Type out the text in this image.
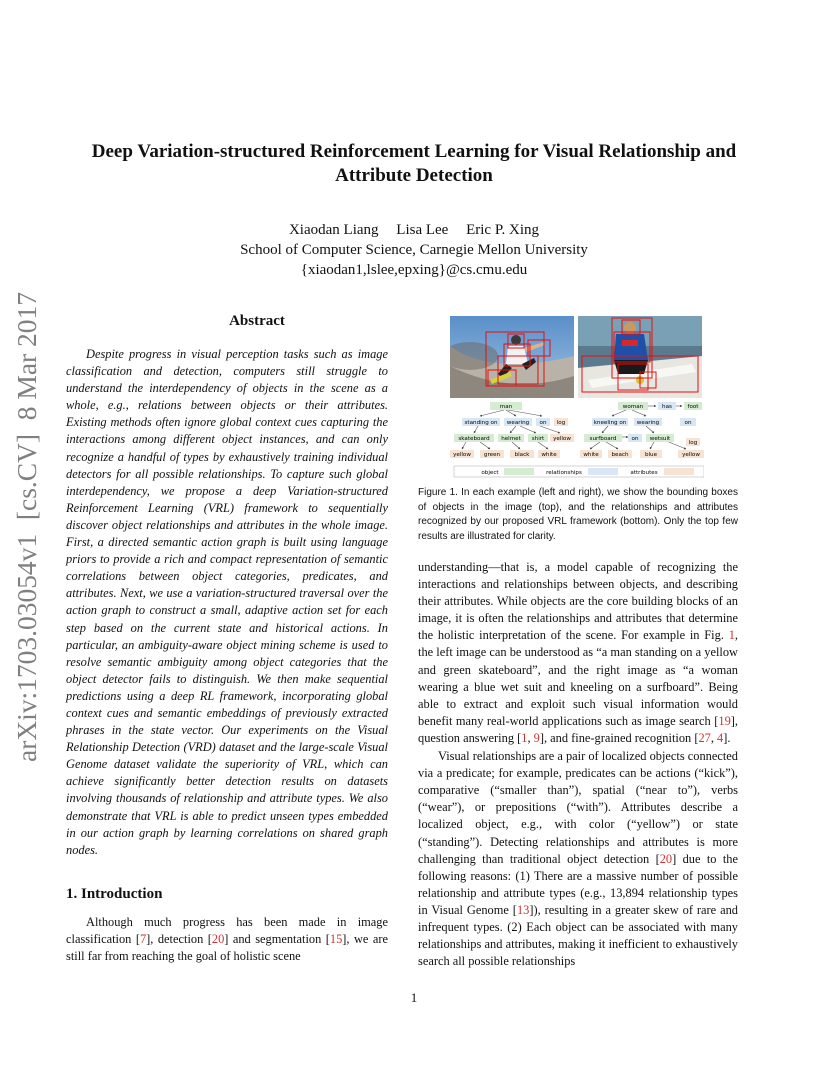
Deep Variation-structured Reinforcement Learning for Visual Relationship and
Attribute Detection
Xiaodan Liang Lisa Lee Eric P. Xing
School of Computer Science, Carnegie Mellon University
{xiaodan1,lslee,epxing}@cs.cmu.edu
arXiv:1703.03054v1  [cs.CV]  8 Mar 2017	Abstract

Despite progress in visual perception tasks such as image classification and detection, computers still struggle to understand the interdependency of objects in the scene as a whole, e.g., relations between objects or their attributes. Existing methods often ignore global context cues capturing the interactions among different object instances, and can only recognize a handful of types by exhaustively training individual detectors for all possible relationships. To capture such global interdependency, we propose a deep Variation-structured Reinforcement Learning (VRL) framework to sequentially discover object relationships and attributes in the whole image. First, a directed semantic action graph is built using language priors to provide a rich and compact representation of semantic correlations between object categories, predicates, and attributes. Next, we use a variation-structured traversal over the action graph to construct a small, adaptive action set for each step based on the current state and historical actions. In particular, an ambiguity-aware object mining scheme is used to resolve semantic ambiguity among object categories that the object detector fails to distinguish. We then make sequential predictions using a deep RL framework, incorporating global context cues and semantic embeddings of previously extracted phrases in the state vector. Our experiments on the Visual Relationship Detection (VRD) dataset and the large-scale Visual Genome dataset validate the superiority of VRL, which can achieve significantly better detection results on datasets involving thousands of relationship and attribute types. We also demonstrate that VRL is able to predict unseen types embedded in our action graph by learning correlations on shared graph nodes.

1. Introduction

Although much progress has been made in image classification [7], detection [20] and segmentation [15], we are still far from reaching the goal of holistic scene

man
standing on wearing on log
skateboard helmet shirt yellow
yellow green	black white
woman	has	foot
kneeling on wearing	on
surfboard	on wetsuit
log
white beach	blue	yellow
object	relationships	attributes

Figure 1. In each example (left and right), we show the bounding boxes of objects in the image (top), and the relationships and attributes recognized by our proposed VRL framework (bottom). Only the top few results are illustrated for clarity.

understanding—that is, a model capable of recognizing the interactions and relationships between objects, and describing their attributes. While objects are the core building blocks of an image, it is often the relationships and attributes that determine the holistic interpretation of the scene. For example in Fig. 1, the left image can be understood as “a man standing on a yellow and green skateboard”, and the right image as “a woman wearing a blue wet suit and kneeling on a surfboard”. Being able to extract and exploit such visual information would benefit many real-world applications such as image search [19], question answering [1, 9], and fine-grained recognition [27, 4].

Visual relationships are a pair of localized objects connected via a predicate; for example, predicates can be actions (“kick”), comparative (“smaller than”), spatial (“near to”), verbs (“wear”), or prepositions (“with”). Attributes describe a localized object, e.g., with color (“yellow”) or state (“standing”). Detecting relationships and attributes is more challenging than traditional object detection [20] due to the following reasons: (1) There are a massive number of possible relationship and attribute types (e.g., 13,894 relationship types in Visual Genome [13]), resulting in a greater skew of rare and infrequent types. (2) Each object can be associated with many relationships and attributes, making it inefficient to exhaustively search all possible relationships

1
